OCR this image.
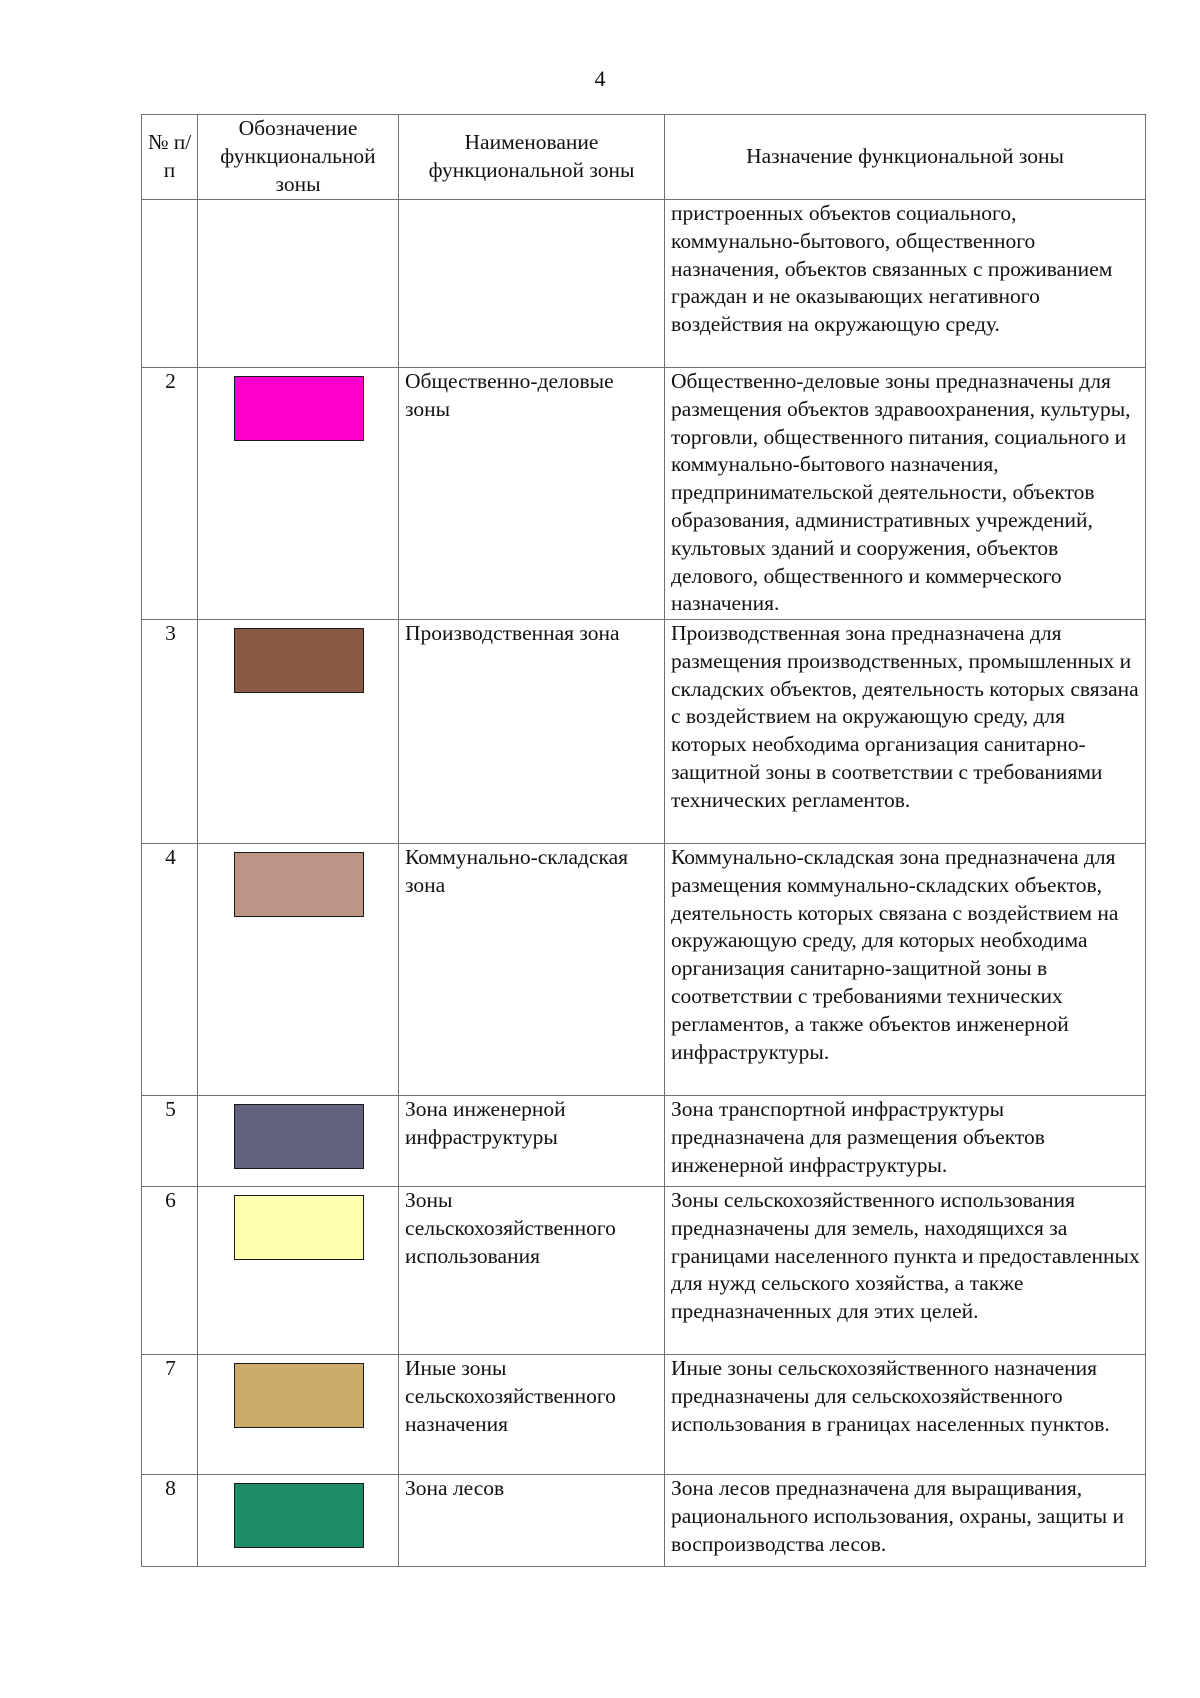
4
№ п/п	Обозначение функциональной зоны	Наименование функциональной зоны	Назначение функциональной зоны
			пристроенных объектов социального, коммунально-бытового, общественного назначения, объектов связанных с проживанием граждан и не оказывающих негативного воздействия на окружающую среду.
2		Общественно-деловые зоны	Общественно-деловые зоны предназначены для размещения объектов здравоохранения, культуры, торговли, общественного питания, социального и коммунально-бытового назначения, предпринимательской деятельности, объектов образования, административных учреждений, культовых зданий и сооружения, объектов делового, общественного и коммерческого назначения.
3		Производственная зона	Производственная зона предназначена для размещения производственных, промышленных и складских объектов, деятельность которых связана с воздействием на окружающую среду, для которых необходима организация санитарно-защитной зоны в соответствии с требованиями технических регламентов.
4		Коммунально-складская зона	Коммунально-складская зона предназначена для размещения коммунально-складских объектов, деятельность которых связана с воздействием на окружающую среду, для которых необходима организация санитарно-защитной зоны в соответствии с требованиями технических регламентов, а также объектов инженерной инфраструктуры.
5		Зона инженерной инфраструктуры	Зона транспортной инфраструктуры предназначена для размещения объектов инженерной инфраструктуры.
6		Зоны сельскохозяйственного использования	Зоны сельскохозяйственного использования предназначены для земель, находящихся за границами населенного пункта и предоставленных для нужд сельского хозяйства, а также предназначенных для этих целей.
7		Иные зоны сельскохозяйственного назначения	Иные зоны сельскохозяйственного назначения предназначены для сельскохозяйственного использования в границах населенных пунктов.
8		Зона лесов	Зона лесов предназначена для выращивания, рационального использования, охраны, защиты и воспроизводства лесов.
